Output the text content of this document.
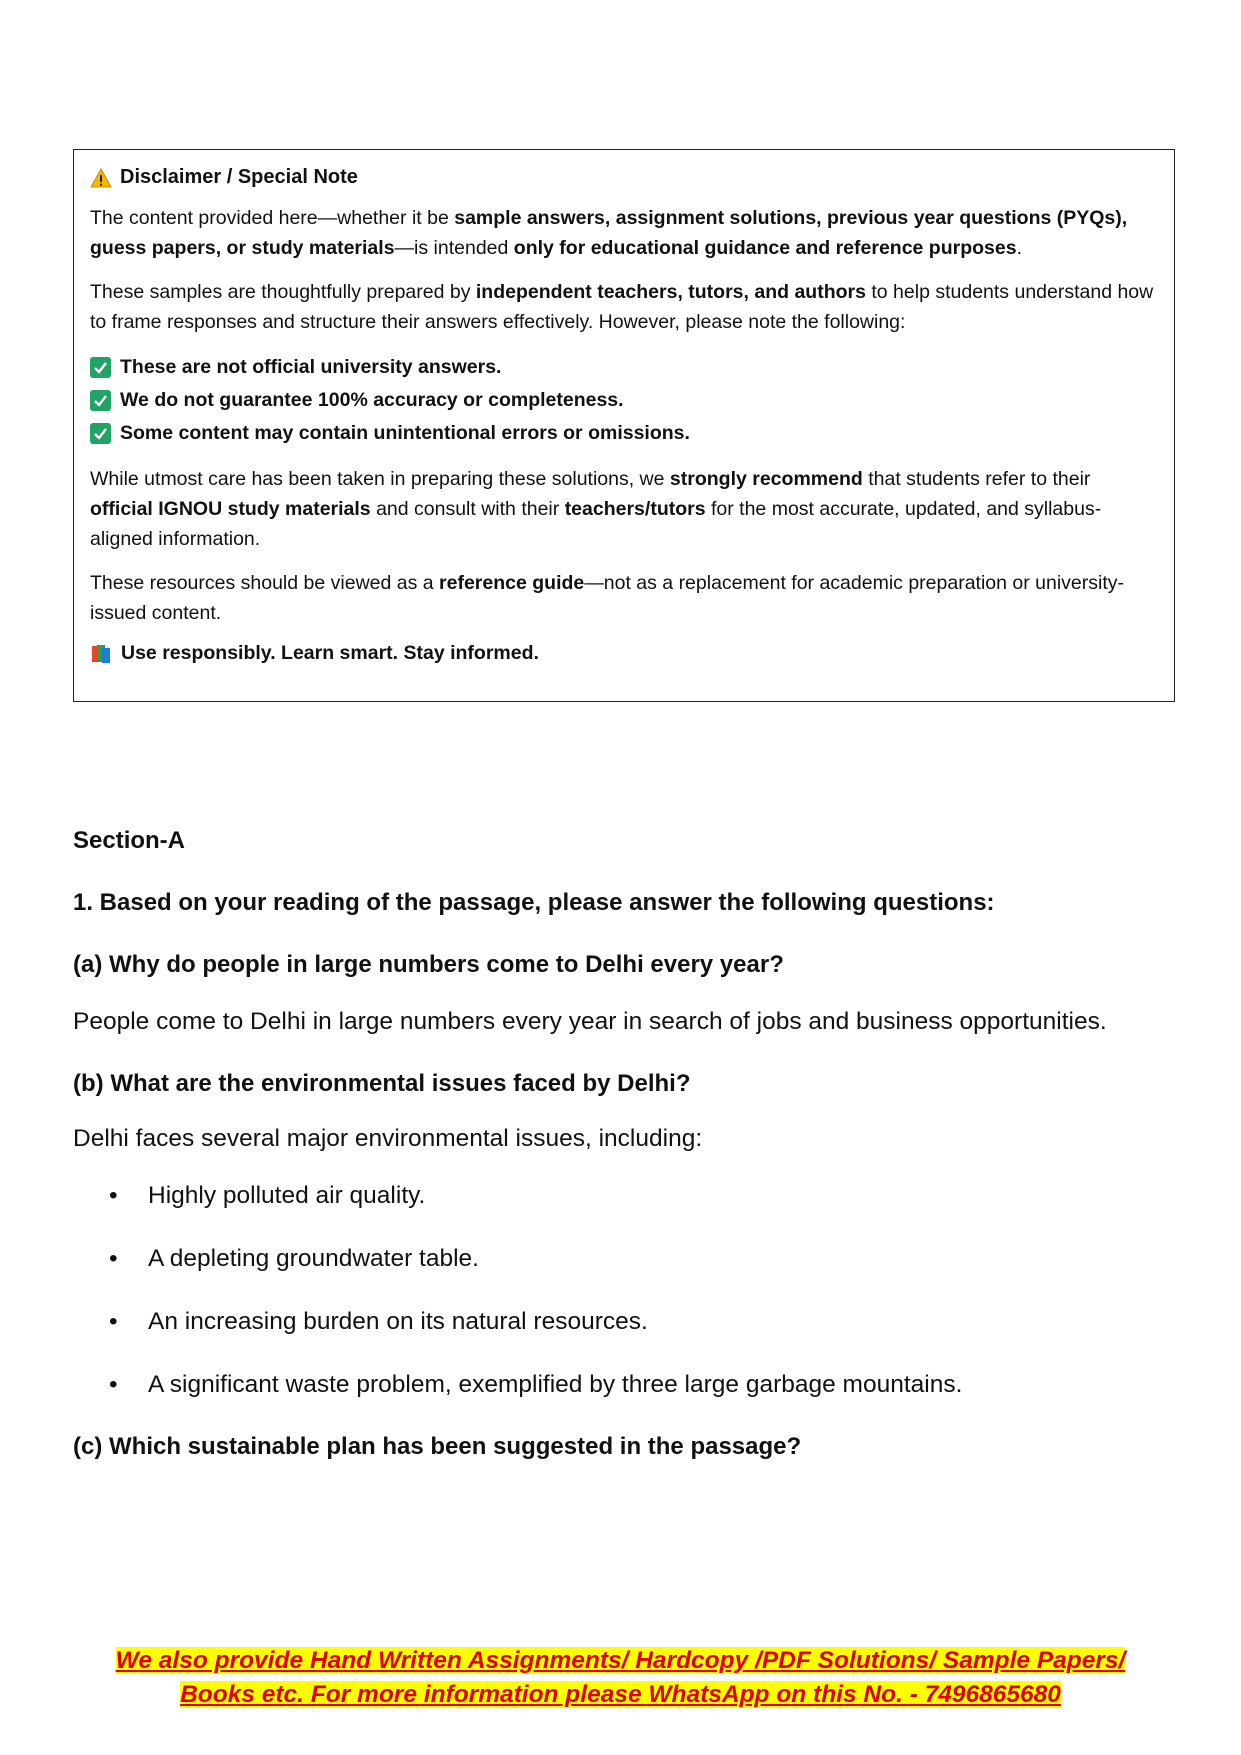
Disclaimer / Special Note

The content provided here—whether it be sample answers, assignment solutions, previous year questions (PYQs), guess papers, or study materials—is intended only for educational guidance and reference purposes.

These samples are thoughtfully prepared by independent teachers, tutors, and authors to help students understand how to frame responses and structure their answers effectively. However, please note the following:

These are not official university answers.
We do not guarantee 100% accuracy or completeness.
Some content may contain unintentional errors or omissions.

While utmost care has been taken in preparing these solutions, we strongly recommend that students refer to their official IGNOU study materials and consult with their teachers/tutors for the most accurate, updated, and syllabus-aligned information.

These resources should be viewed as a reference guide—not as a replacement for academic preparation or university-issued content.

Use responsibly. Learn smart. Stay informed.

Section-A

1. Based on your reading of the passage, please answer the following questions:

(a) Why do people in large numbers come to Delhi every year?

People come to Delhi in large numbers every year in search of jobs and business opportunities.

(b) What are the environmental issues faced by Delhi?

Delhi faces several major environmental issues, including:

• Highly polluted air quality.
• A depleting groundwater table.
• An increasing burden on its natural resources.
• A significant waste problem, exemplified by three large garbage mountains.

(c) Which sustainable plan has been suggested in the passage?

We also provide Hand Written Assignments/ Hardcopy /PDF Solutions/ Sample Papers/
Books etc. For more information please WhatsApp on this No. - 7496865680
